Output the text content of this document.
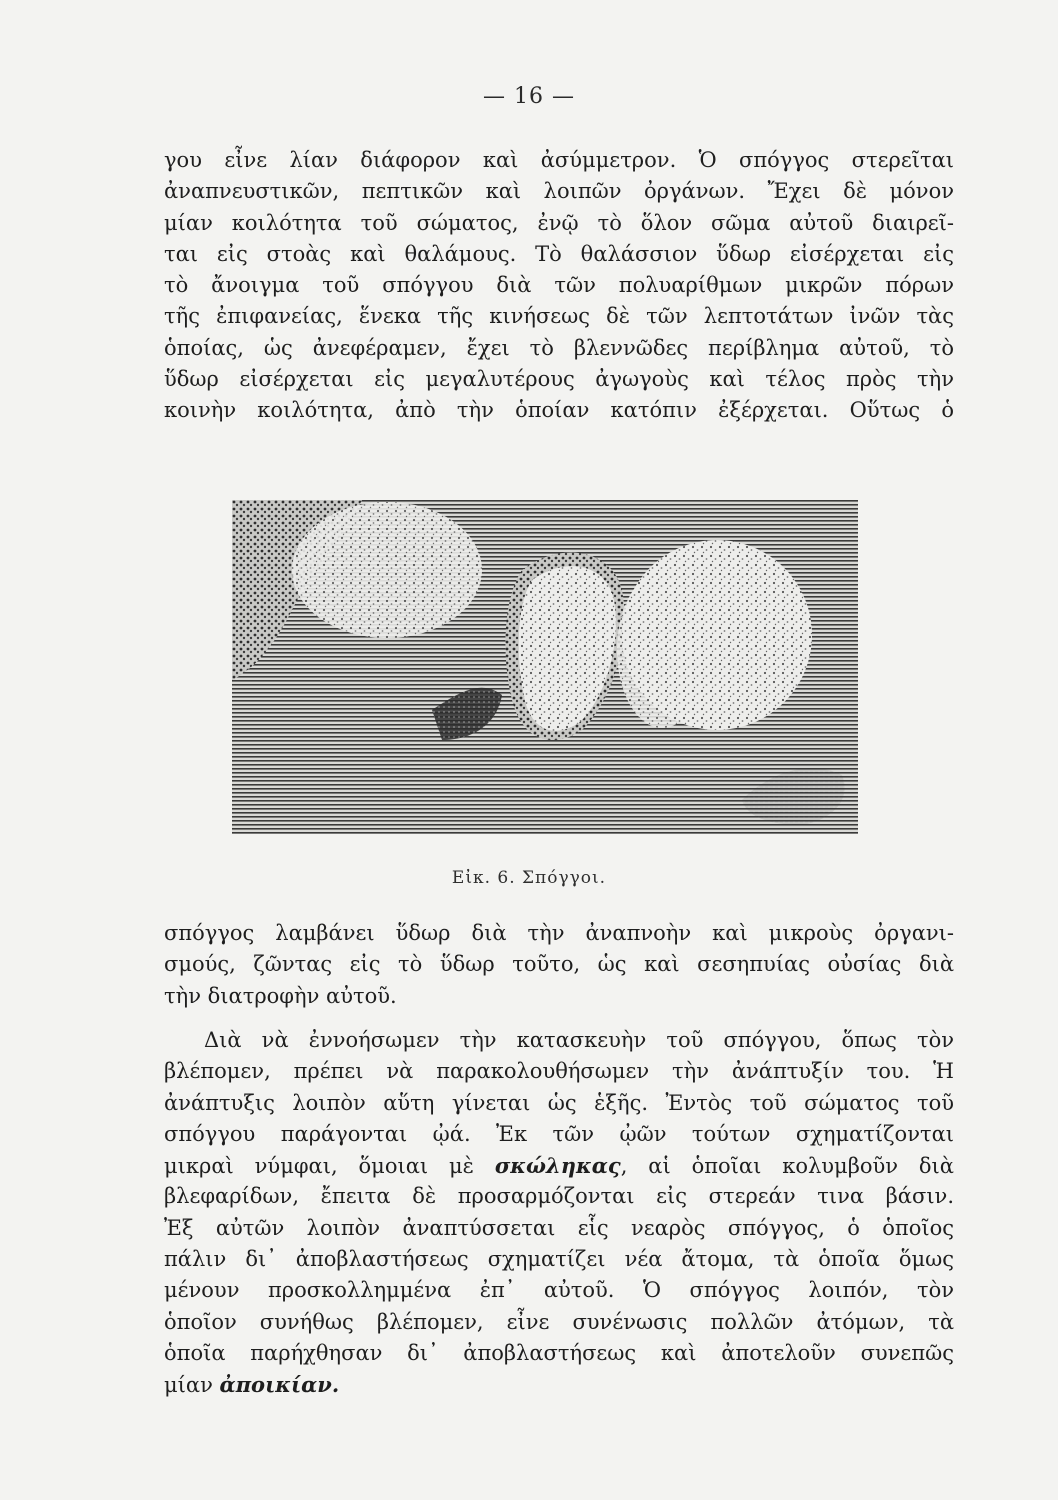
— 16 —
γου εἶνε λίαν διάφορον καὶ ἀσύμμετρον. Ὁ σπόγγος στερεῖται
ἀναπνευστικῶν, πεπτικῶν καὶ λοιπῶν ὀργάνων. Ἔχει δὲ μόνον
μίαν κοιλότητα τοῦ σώματος, ἐνῷ τὸ ὅλον σῶμα αὐτοῦ διαιρεῖ-
ται εἰς στοὰς καὶ θαλάμους. Τὸ θαλάσσιον ὕδωρ εἰσέρχεται εἰς
τὸ ἄνοιγμα τοῦ σπόγγου διὰ τῶν πολυαρίθμων μικρῶν πόρων
τῆς ἐπιφανείας, ἕνεκα τῆς κινήσεως δὲ τῶν λεπτοτάτων ἰνῶν τὰς
ὁποίας, ὡς ἀνεφέραμεν, ἔχει τὸ βλεννῶδες περίβλημα αὐτοῦ, τὸ
ὕδωρ εἰσέρχεται εἰς μεγαλυτέρους ἀγωγοὺς καὶ τέλος πρὸς τὴν
κοινὴν κοιλότητα, ἀπὸ τὴν ὁποίαν κατόπιν ἐξέρχεται. Οὕτως ὁ
Εἰκ. 6. Σπόγγοι.
σπόγγος λαμβάνει ὕδωρ διὰ τὴν ἀναπνοὴν καὶ μικροὺς ὀργανι-
σμούς, ζῶντας εἰς τὸ ὕδωρ τοῦτο, ὡς καὶ σεσηπυίας οὐσίας διὰ
τὴν διατροφὴν αὐτοῦ.
Διὰ νὰ ἐννοήσωμεν τὴν κατασκευὴν τοῦ σπόγγου, ὅπως τὸν
βλέπομεν, πρέπει νὰ παρακολουθήσωμεν τὴν ἀνάπτυξίν του. Ἡ
ἀνάπτυξις λοιπὸν αὕτη γίνεται ὡς ἑξῆς. Ἐντὸς τοῦ σώματος τοῦ
σπόγγου παράγονται ᾠά. Ἐκ τῶν ᾠῶν τούτων σχηματίζονται
μικραὶ νύμφαι, ὅμοιαι μὲ σκώληκας, αἱ ὁποῖαι κολυμβοῦν διὰ
βλεφαρίδων, ἔπειτα δὲ προσαρμόζονται εἰς στερεάν τινα βάσιν.
Ἐξ αὐτῶν λοιπὸν ἀναπτύσσεται εἷς νεαρὸς σπόγγος, ὁ ὁποῖος
πάλιν δι᾽ ἀποβλαστήσεως σχηματίζει νέα ἄτομα, τὰ ὁποῖα ὅμως
μένουν προσκολλημμένα ἐπ᾽ αὐτοῦ. Ὁ σπόγγος λοιπόν, τὸν
ὁποῖον συνήθως βλέπομεν, εἶνε συνένωσις πολλῶν ἀτόμων, τὰ
ὁποῖα παρήχθησαν δι᾽ ἀποβλαστήσεως καὶ ἀποτελοῦν συνεπῶς
μίαν ἀποικίαν.
